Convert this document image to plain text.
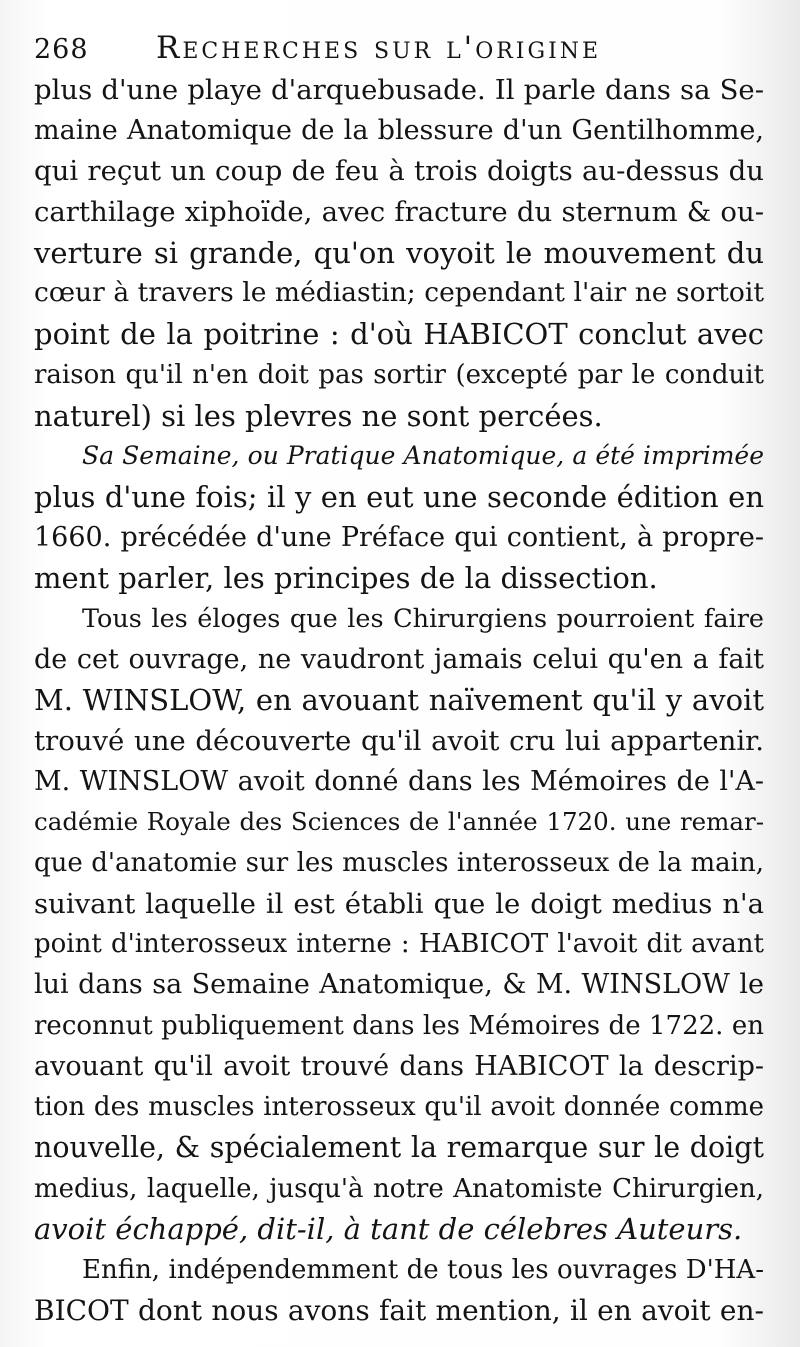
268 Recherches sur l'origine
plus d'une playe d'arquebusade. Il parle dans sa Se-
maine Anatomique de la blessure d'un Gentilhomme,
qui reçut un coup de feu à trois doigts au-dessus du
carthilage xiphoïde, avec fracture du sternum & ou-
verture si grande, qu'on voyoit le mouvement du
cœur à travers le médiastin; cependant l'air ne sortoit
point de la poitrine : d'où HABICOT conclut avec
raison qu'il n'en doit pas sortir (excepté par le conduit
naturel) si les plevres ne sont percées.
Sa Semaine, ou Pratique Anatomique, a été imprimée
plus d'une fois; il y en eut une seconde édition en
1660. précédée d'une Préface qui contient, à propre-
ment parler, les principes de la dissection.
Tous les éloges que les Chirurgiens pourroient faire
de cet ouvrage, ne vaudront jamais celui qu'en a fait
M. WINSLOW, en avouant naïvement qu'il y avoit
trouvé une découverte qu'il avoit cru lui appartenir.
M. WINSLOW avoit donné dans les Mémoires de l'A-
cadémie Royale des Sciences de l'année 1720. une remar-
que d'anatomie sur les muscles interosseux de la main,
suivant laquelle il est établi que le doigt medius n'a
point d'interosseux interne : HABICOT l'avoit dit avant
lui dans sa Semaine Anatomique, & M. WINSLOW le
reconnut publiquement dans les Mémoires de 1722. en
avouant qu'il avoit trouvé dans HABICOT la descrip-
tion des muscles interosseux qu'il avoit donnée comme
nouvelle, & spécialement la remarque sur le doigt
medius, laquelle, jusqu'à notre Anatomiste Chirurgien,
avoit échappé, dit-il, à tant de célebres Auteurs.
Enfin, indépendemment de tous les ouvrages D'HA-
BICOT dont nous avons fait mention, il en avoit en-
